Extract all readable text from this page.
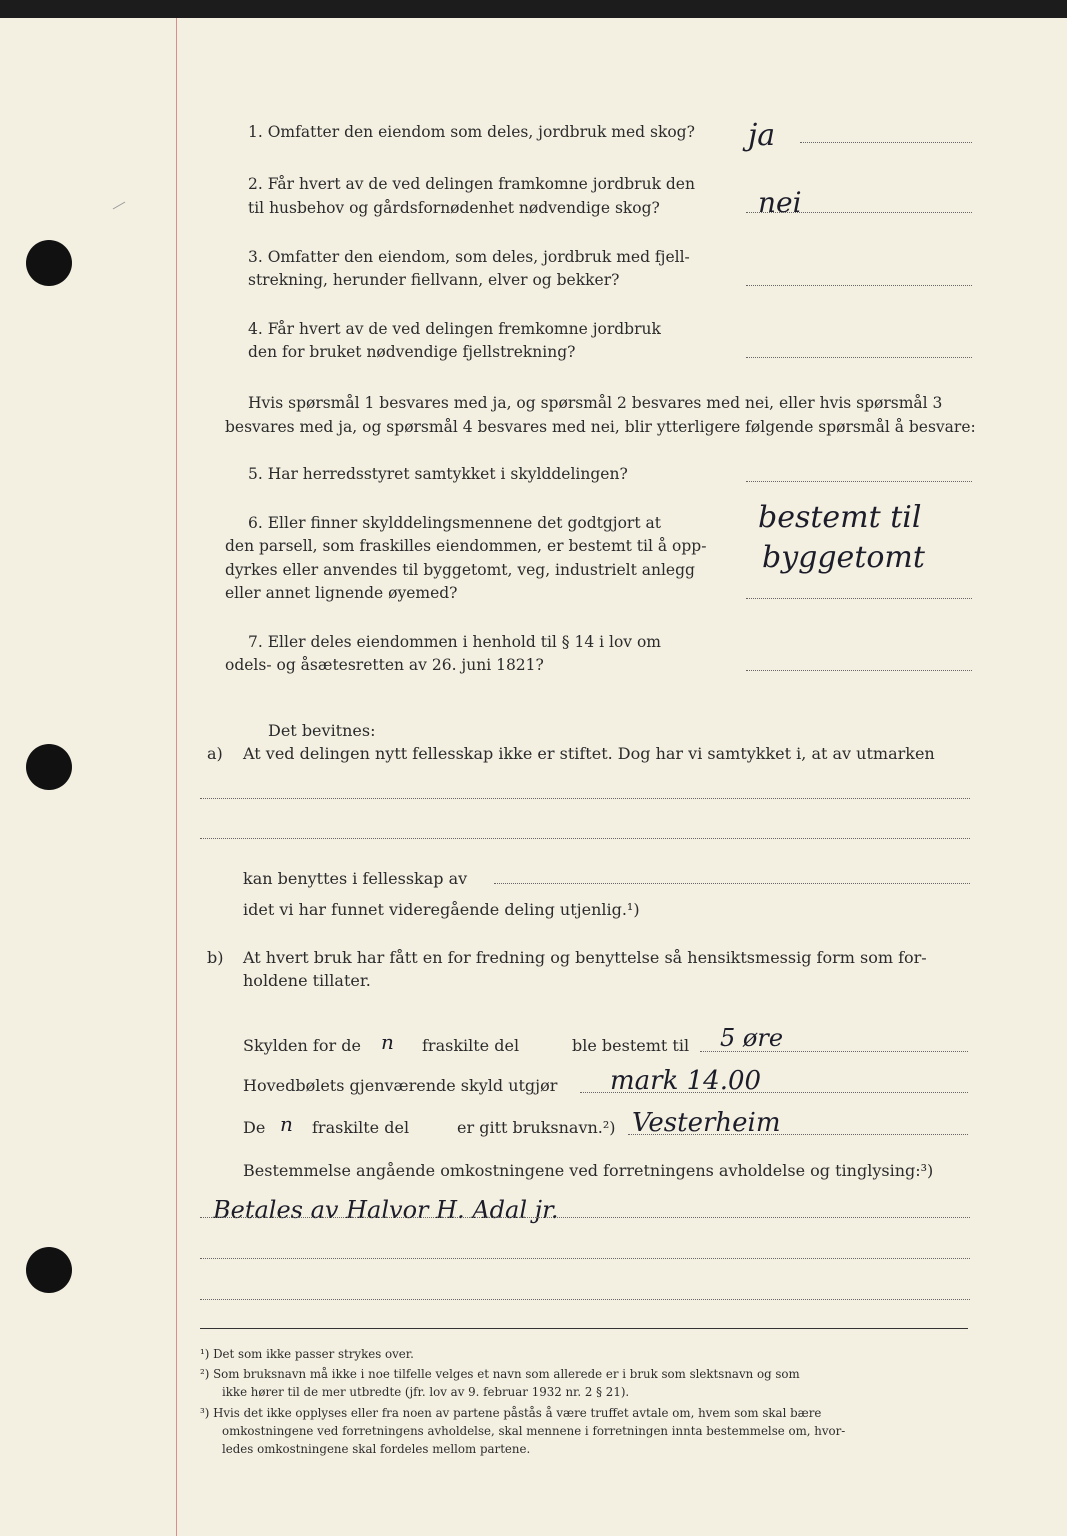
1. Omfatter den eiendom som deles, jordbruk med skog? ja
2. Får hvert av de ved delingen framkomne jordbruk den
til husbehov og gårdsfornødenhet nødvendige skog?	nei
3. Omfatter den eiendom, som deles, jordbruk med fjell-
strekning, herunder fiellvann, elver og bekker?
4. Får hvert av de ved delingen fremkomne jordbruk
den for bruket nødvendige fjellstrekning?
Hvis spørsmål 1 besvares med ja, og spørsmål 2 besvares med nei, eller hvis spørsmål 3
besvares med ja, og spørsmål 4 besvares med nei, blir ytterligere følgende spørsmål å besvare:
5. Har herredsstyret samtykket i skylddelingen?
6. Eller finner skylddelingsmennene det godtgjort at
den parsell, som fraskilles eiendommen, er bestemt til å opp-
dyrkes eller anvendes til byggetomt, veg, industrielt anlegg
eller annet lignende øyemed?
bestemt til
byggetomt
7. Eller deles eiendommen i henhold til § 14 i lov om
odels- og åsætesretten av 26. juni 1821?
Det bevitnes:
a) At ved delingen nytt fellesskap ikke er stiftet. Dog har vi samtykket i, at av utmarken
kan benyttes i fellesskap av
idet vi har funnet videregående deling utjenlig.¹)
b) At hvert bruk har fått en for fredning og benyttelse så hensiktsmessig form som for-
holdene tillater.
Skylden for de n fraskilte del	ble bestemt til 5 øre
Hovedbølets gjenværende skyld utgjør mark 14.00
De n fraskilte del	er gitt bruksnavn.²) Vesterheim
Bestemmelse angående omkostningene ved forretningens avholdelse og tinglysing:³)
Betales av Halvor H. Adal jr.
¹) Det som ikke passer strykes over.
²) Som bruksnavn må ikke i noe tilfelle velges et navn som allerede er i bruk som slektsnavn og som
ikke hører til de mer utbredte (jfr. lov av 9. februar 1932 nr. 2 § 21).
³) Hvis det ikke opplyses eller fra noen av partene påstås å være truffet avtale om, hvem som skal bære
omkostningene ved forretningens avholdelse, skal mennene i forretningen innta bestemmelse om, hvor-
ledes omkostningene skal fordeles mellom partene.
